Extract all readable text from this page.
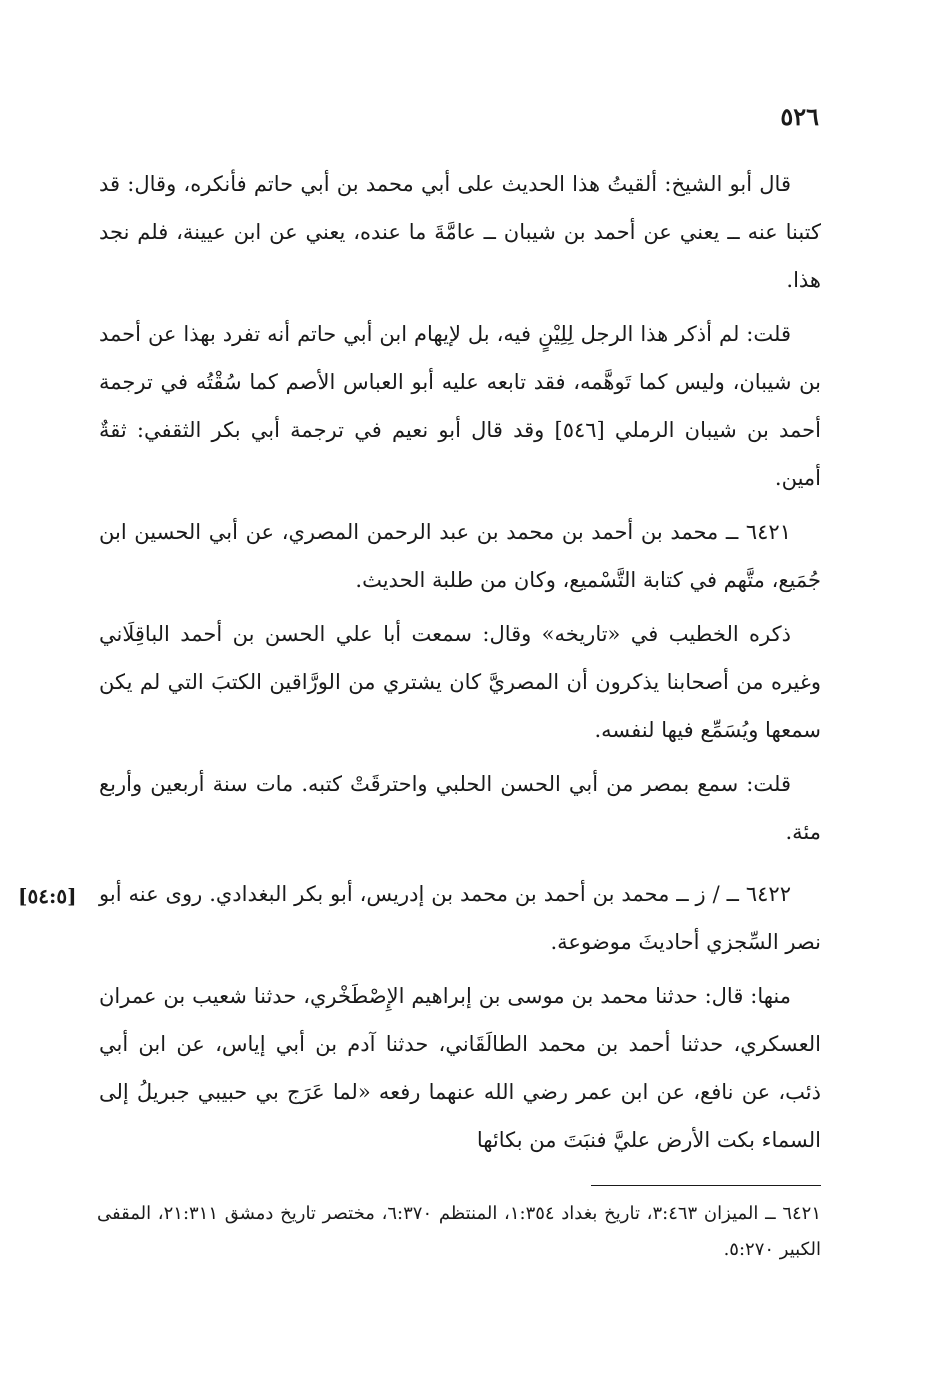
٥٢٦

قال أبو الشيخ: ألقيتُ هذا الحديث على أبي محمد بن أبي حاتم فأنكره، وقال: قد كتبنا عنه ــ يعني عن أحمد بن شيبان ــ عامَّةَ ما عنده، يعني عن ابن عيينة، فلم نجد هذا.

قلت: لم أذكر هذا الرجل لِلِيْنٍ فيه، بل لإيهام ابن أبي حاتم أنه تفرد بهذا عن أحمد بن شيبان، وليس كما تَوهَّمه، فقد تابعه عليه أبو العباس الأصم كما سُقْتُه في ترجمة أحمد بن شيبان الرملي [٥٤٦] وقد قال أبو نعيم في ترجمة أبي بكر الثقفي: ثقةٌ أمين.

٦٤٢١ ــ محمد بن أحمد بن محمد بن عبد الرحمن المصري، عن أبي الحسين ابن جُمَيع، متَّهم في كتابة التَّسْميع، وكان من طلبة الحديث.

ذكره الخطيب في «تاريخه» وقال: سمعت أبا علي الحسن بن أحمد الباقِلَاني وغيره من أصحابنا يذكرون أن المصريَّ كان يشتري من الورَّاقين الكتبَ التي لم يكن سمعها ويُسَمِّع فيها لنفسه.

قلت: سمع بمصر من أبي الحسن الحلبي واحترقَتْ كتبه. مات سنة أربعين وأربع مئة.

[٥٤:٥] ٦٤٢٢ ــ / ز ــ محمد بن أحمد بن محمد بن إدريس، أبو بكر البغدادي. روى عنه أبو نصر السِّجزي أحاديثَ موضوعة.

منها: قال: حدثنا محمد بن موسى بن إبراهيم الإِصْطَخْري، حدثنا شعيب بن عمران العسكري، حدثنا أحمد بن محمد الطالَقَاني، حدثنا آدم بن أبي إياس، عن ابن أبي ذئب، عن نافع، عن ابن عمر رضي الله عنهما رفعه «لما عَرَج بي حبيبي جبريلُ إلى السماء بكت الأرض عليَّ فنبَتَ من بكائها

٦٤٢١ ــ الميزان ٣:٤٦٣، تاريخ بغداد ١:٣٥٤، المنتظم ٦:٣٧٠، مختصر تاريخ دمشق ٢١:٣١١، المقفى الكبير ٥:٢٧٠.
